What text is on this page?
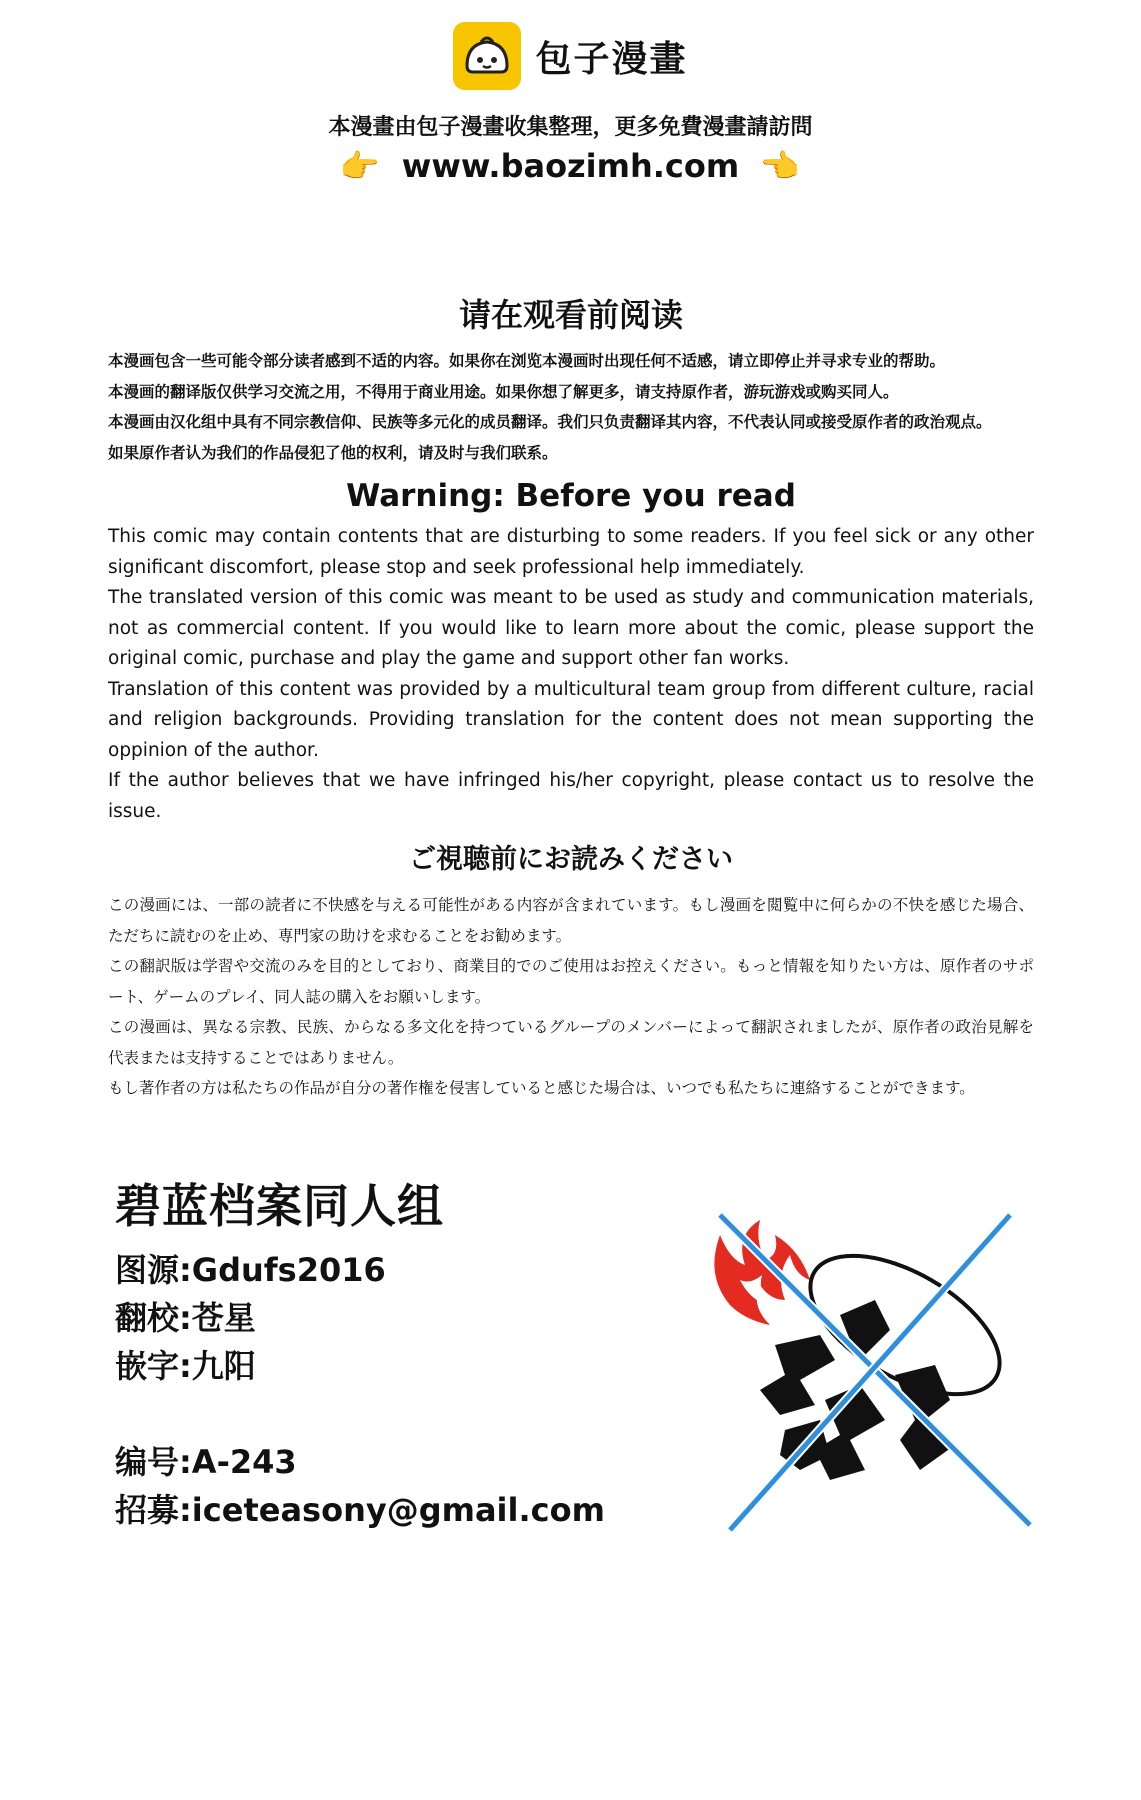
包子漫畫
本漫畫由包子漫畫收集整理，更多免費漫畫請訪問
👉 www.baozimh.com 👉
请在观看前阅读

本漫画包含一些可能令部分读者感到不适的内容。如果你在浏览本漫画时出现任何不适感，请立即停止并寻求专业的帮助。

本漫画的翻译版仅供学习交流之用，不得用于商业用途。如果你想了解更多，请支持原作者，游玩游戏或购买同人。

本漫画由汉化组中具有不同宗教信仰、民族等多元化的成员翻译。我们只负责翻译其内容，不代表认同或接受原作者的政治观点。

如果原作者认为我们的作品侵犯了他的权利，请及时与我们联系。

Warning: Before you read

This comic may contain contents that are disturbing to some readers. If you feel sick or any other significant discomfort, please stop and seek professional help immediately.

The translated version of this comic was meant to be used as study and communication materials, not as commercial content. If you would like to learn more about the comic, please support the original comic, purchase and play the game and support other fan works.

Translation of this content was provided by a multicultural team group from different culture, racial and religion backgrounds. Providing translation for the content does not mean supporting the oppinion of the author.

If the author believes that we have infringed his/her copyright, please contact us to resolve the issue.

ご視聴前にお読みください

この漫画には、一部の読者に不快感を与える可能性がある内容が含まれています。もし漫画を閲覧中に何らかの不快を感じた場合、ただちに読むのを止め、専門家の助けを求むることをお勧めます。

この翻訳版は学習や交流のみを目的としており、商業目的でのご使用はお控えください。もっと情報を知りたい方は、原作者のサポート、ゲームのプレイ、同人誌の購入をお願いします。

この漫画は、異なる宗教、民族、からなる多文化を持つているグループのメンバーによって翻訳されましたが、原作者の政治見解を代表または支持することではありません。

もし著作者の方は私たちの作品が自分の著作権を侵害していると感じた場合は、いつでも私たちに連絡することができます。

碧蓝档案同人组
图源:Gdufs2016
翻校:苍星
嵌字:九阳
编号:A-243
招募:iceteasony@gmail.com
